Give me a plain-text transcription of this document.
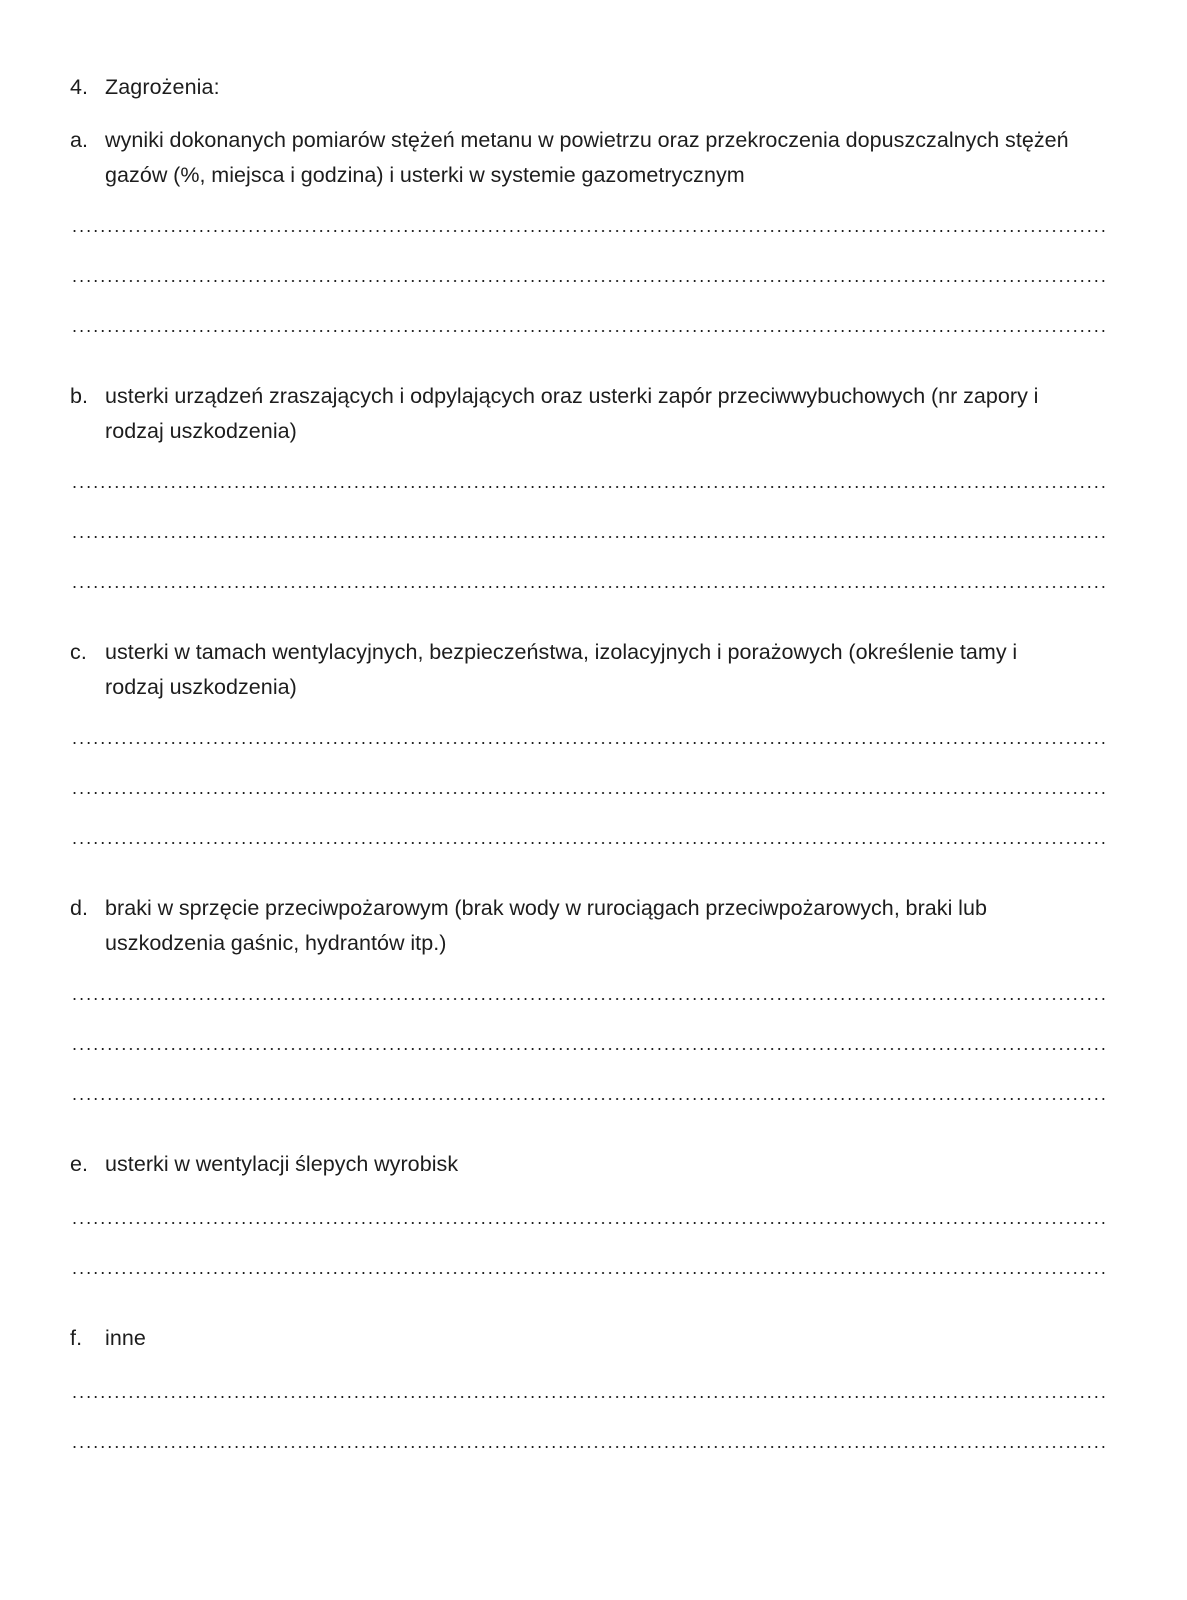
4. Zagrożenia:
a. wyniki dokonanych pomiarów stężeń metanu w powietrzu oraz przekroczenia dopuszczalnych stężeń gazów (%, miejsca i godzina) i usterki w systemie gazometrycznym
b. usterki urządzeń zraszających i odpylających oraz usterki zapór przeciwwybuchowych (nr zapory i rodzaj uszkodzenia)
c. usterki w tamach wentylacyjnych, bezpieczeństwa, izolacyjnych i porażowych (określenie tamy i rodzaj uszkodzenia)
d. braki w sprzęcie przeciwpożarowym (brak wody w rurociągach przeciwpożarowych, braki lub uszkodzenia gaśnic, hydrantów itp.)
e. usterki w wentylacji ślepych wyrobisk
f.	inne
